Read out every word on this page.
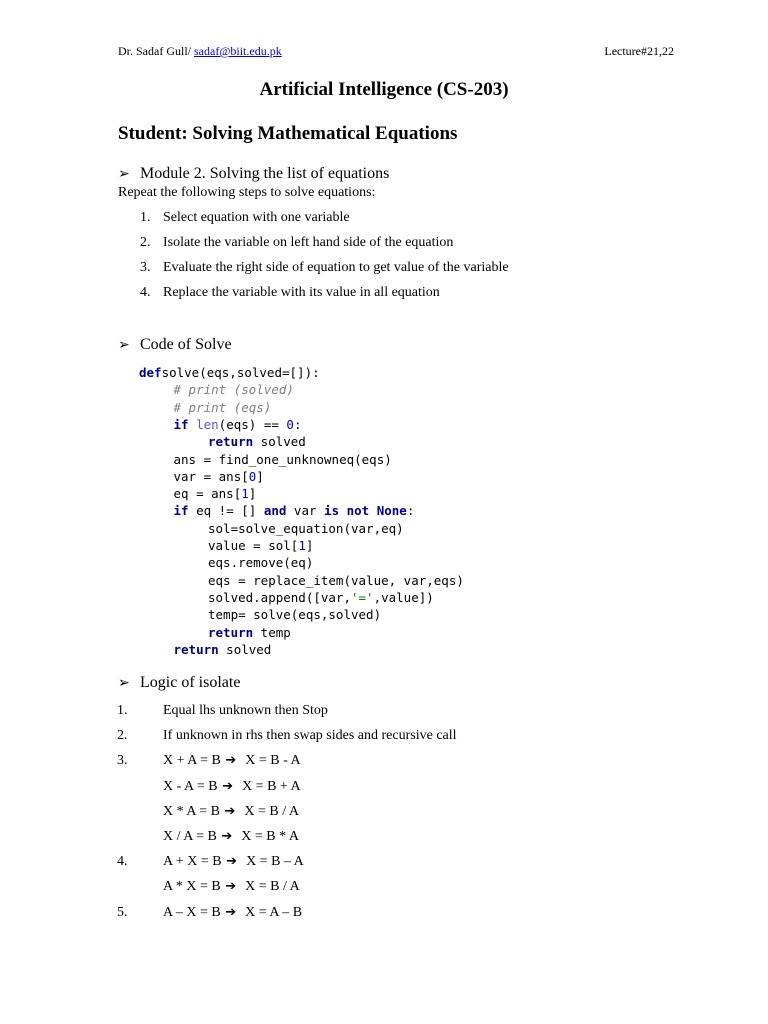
Dr. Sadaf Gull/ sadaf@biit.edu.pk	Lecture#21,22
Artificial Intelligence (CS-203)
Student: Solving Mathematical Equations
➢ Module 2. Solving the list of equations
Repeat the following steps to solve equations:
1. Select equation with one variable
2. Isolate the variable on left hand side of the equation
3. Evaluate the right side of equation to get value of the variable
4. Replace the variable with its value in all equation
➢ Code of Solve
defsolve(eqs,solved=[]):
# print (solved)
# print (eqs)
if len(eqs) == 0:
return solved
ans = find_one_unknowneq(eqs)
var = ans[0]
eq = ans[1]
if eq != [] and var is not None:
sol=solve_equation(var,eq)
value = sol[1]
eqs.remove(eq)
eqs = replace_item(value, var,eqs)
solved.append([var,'=',value])
temp= solve(eqs,solved)
return temp
return solved
➢ Logic of isolate
1.	Equal lhs unknown then Stop
2.	If unknown in rhs then swap sides and recursive call
3.	X + A = B ➔  X = B - A
X - A = B ➔  X = B + A
X * A = B ➔  X = B / A
X / A = B ➔  X = B * A
4.	A + X = B ➔  X = B – A
A * X = B ➔  X = B / A
5.	A – X = B ➔  X = A – B
